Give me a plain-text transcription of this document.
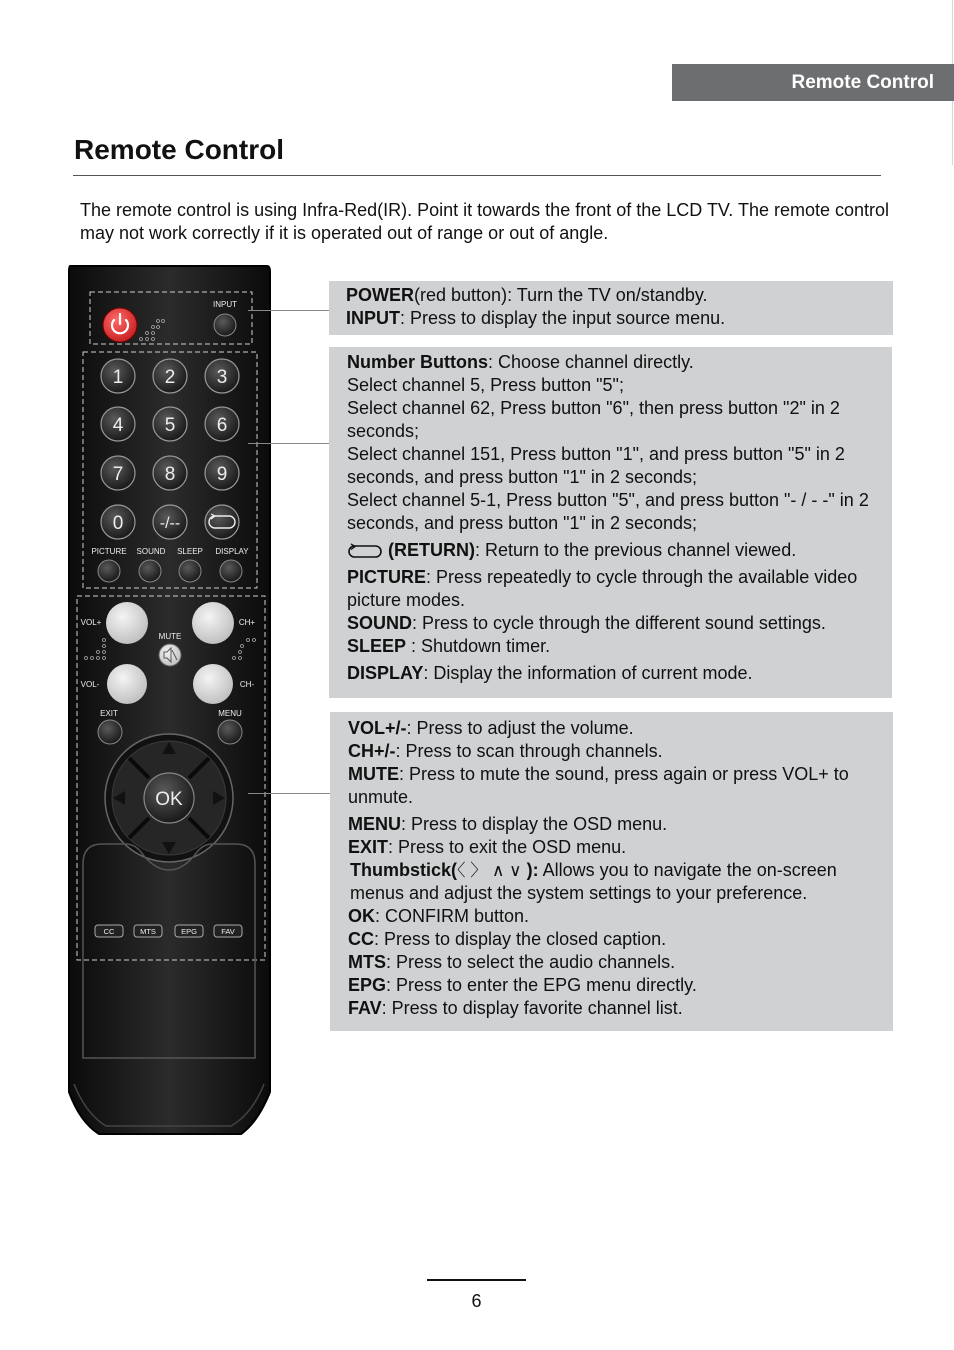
Remote Control
Remote Control

The remote control is using Infra-Red(IR). Point it towards the front of the LCD TV. The remote control may not work correctly if it is operated out of range or out of angle.

INPUT
1 2 3
4 5 6
7 8 9
0 -/--
PICTURE SOUND SLEEP DISPLAY
VOL+	CH+
MUTE
VOL-	CH-
EXIT	MENU
OK
CC	MTS	EPG	FAV

POWER(red button): Turn the TV on/standby.

INPUT: Press to display the input source menu.

Number Buttons: Choose channel directly.

Select channel 5, Press button "5";

Select channel 62, Press button "6", then press button "2" in 2 seconds;

Select channel 151, Press button "1", and press button "5" in 2 seconds, and press button "1" in 2 seconds;

Select channel 5-1, Press button "5", and press button "- / - -" in 2 seconds, and press button "1" in 2 seconds;

(RETURN): Return to the previous channel viewed.

PICTURE: Press repeatedly to cycle through the available video picture modes.

SOUND: Press to cycle through the different sound settings.

SLEEP : Shutdown timer.

DISPLAY: Display the information of current mode.

VOL+/-: Press to adjust the volume.

CH+/-: Press to scan through channels.

MUTE: Press to mute the sound, press again or press VOL+ to unmute.

MENU: Press to display the OSD menu.

EXIT: Press to exit the OSD menu.

Thumbstick(〈 〉 ∧ ∨ ): Allows you to navigate the on-screen menus and adjust the system settings to your preference.

OK: CONFIRM button.

CC: Press to display the closed caption.

MTS: Press to select the audio channels.

EPG: Press to enter the EPG menu directly.

FAV: Press to display favorite channel list.

6
